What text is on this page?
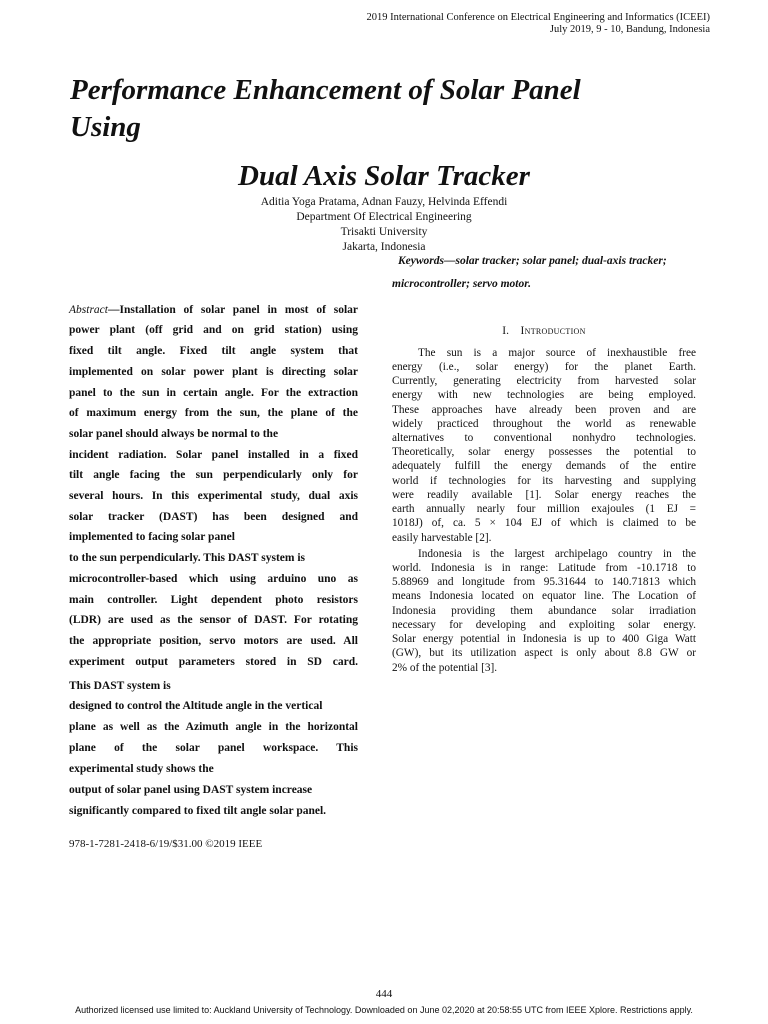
2019 International Conference on Electrical Engineering and Informatics (ICEEI)
July 2019, 9 - 10, Bandung, Indonesia
Performance Enhancement of Solar Panel
Using
Dual Axis Solar Tracker
Aditia Yoga Pratama, Adnan Fauzy, Helvinda Effendi
Department Of Electrical Engineering
Trisakti University
Jakarta, Indonesia
Keywords—solar tracker; solar panel; dual-axis tracker;
microcontroller; servo motor.
Abstract—Installation of solar panel in most of solar
power plant (off grid and on grid station) using
fixed tilt angle. Fixed tilt angle system that
implemented on solar power plant is directing solar
panel to the sun in certain angle. For the extraction
of maximum energy from the sun, the plane of the
solar panel should always be normal to the
incident radiation. Solar panel installed in a fixed
tilt angle facing the sun perpendicularly only for
several hours. In this experimental study, dual axis
solar tracker (DAST) has been designed and
implemented to facing solar panel
to the sun perpendicularly. This DAST system is
microcontroller-based which using arduino uno as
main controller. Light dependent photo resistors
(LDR) are used as the sensor of DAST. For rotating
the appropriate position, servo motors are used. All
experiment output parameters stored in SD card.
This DAST system is
designed to control the Altitude angle in the vertical
plane as well as the Azimuth angle in the horizontal
plane of the solar panel workspace. This
experimental study shows the
output of solar panel using DAST system increase
significantly compared to fixed tilt angle solar panel.
I. Introduction
The sun is a major source of inexhaustible free
energy (i.e., solar energy) for the planet Earth.
Currently, generating electricity from harvested solar
energy with new technologies are being employed.
These approaches have already been proven and are
widely practiced throughout the world as renewable
alternatives to conventional nonhydro technologies.
Theoretically, solar energy possesses the potential to
adequately fulfill the energy demands of the entire
world if technologies for its harvesting and supplying
were readily available [1]. Solar energy reaches the
earth annually nearly four million exajoules (1 EJ =
1018J) of, ca. 5 × 104 EJ of which is claimed to be
easily harvestable [2].
Indonesia is the largest archipelago country in the
world. Indonesia is in range: Latitude from -10.1718 to
5.88969 and longitude from 95.31644 to 140.71813 which
means Indonesia located on equator line. The Location of
Indonesia providing them abundance solar irradiation
necessary for developing and exploiting solar energy.
Solar energy potential in Indonesia is up to 400 Giga Watt
(GW), but its utilization aspect is only about 8.8 GW or
2% of the potential [3].
978-1-7281-2418-6/19/$31.00 ©2019 IEEE
444
Authorized licensed use limited to: Auckland University of Technology. Downloaded on June 02,2020 at 20:58:55 UTC from IEEE Xplore. Restrictions apply.
